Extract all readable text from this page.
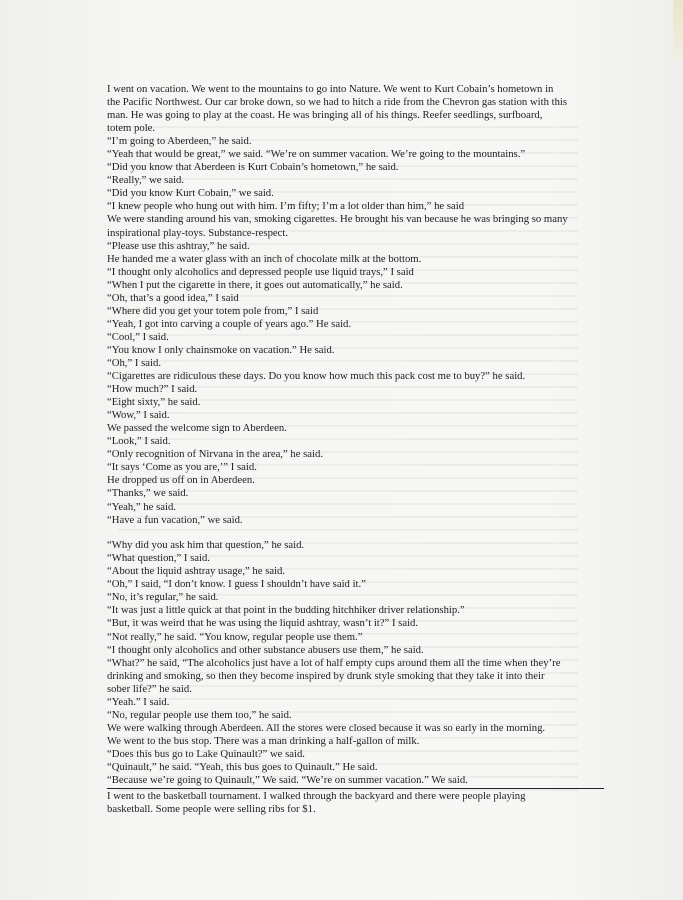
I went on vacation. We went to the mountains to go into Nature. We went to Kurt Cobain’s hometown in
the Pacific Northwest. Our car broke down, so we had to hitch a ride from the Chevron gas station with this
man. He was going to play at the coast. He was bringing all of his things. Reefer seedlings, surfboard,
totem pole.
“I’m going to Aberdeen,” he said.
“Yeah that would be great,” we said. “We’re on summer vacation. We’re going to the mountains.”
“Did you know that Aberdeen is Kurt Cobain’s hometown,” he said.
“Really,” we said.
“Did you know Kurt Cobain,” we said.
“I knew people who hung out with him. I’m fifty; I’m a lot older than him,” he said
We were standing around his van, smoking cigarettes. He brought his van because he was bringing so many
inspirational play-toys. Substance-respect.
“Please use this ashtray,” he said.
He handed me a water glass with an inch of chocolate milk at the bottom.
“I thought only alcoholics and depressed people use liquid trays,” I said
“When I put the cigarette in there, it goes out automatically,” he said.
“Oh, that’s a good idea,” I said
“Where did you get your totem pole from,” I said
“Yeah, I got into carving a couple of years ago.” He said.
“Cool,” I said.
“You know I only chainsmoke on vacation.” He said.
“Oh,” I said.
“Cigarettes are ridiculous these days. Do you know how much this pack cost me to buy?” he said.
“How much?” I said.
“Eight sixty,” he said.
“Wow,” I said.
We passed the welcome sign to Aberdeen.
“Look,” I said.
“Only recognition of Nirvana in the area,” he said.
“It says ‘Come as you are,’” I said.
He dropped us off on in Aberdeen.
“Thanks,” we said.
“Yeah,” he said.
“Have a fun vacation,” we said.
“Why did you ask him that question,” he said.
“What question,” I said.
“About the liquid ashtray usage,” he said.
“Oh,” I said, “I don’t know. I guess I shouldn’t have said it.”
“No, it’s regular,” he said.
“It was just a little quick at that point in the budding hitchhiker driver relationship.”
“But, it was weird that he was using the liquid ashtray, wasn’t it?” I said.
“Not really,” he said. “You know, regular people use them.”
“I thought only alcoholics and other substance abusers use them,” he said.
“What?” he said, “The alcoholics just have a lot of half empty cups around them all the time when they’re
drinking and smoking, so then they become inspired by drunk style smoking that they take it into their
sober life?” he said.
“Yeah.” I said.
“No, regular people use them too,” he said.
We were walking through Aberdeen. All the stores were closed because it was so early in the morning.
We went to the bus stop. There was a man drinking a half-gallon of milk.
“Does this bus go to Lake Quinault?” we said.
“Quinault,” he said. “Yeah, this bus goes to Quinault.” He said.
“Because we’re going to Quinault,” We said. “We’re on summer vacation.” We said.
I went to the basketball tournament. I walked through the backyard and there were people playing
basketball. Some people were selling ribs for $1.
